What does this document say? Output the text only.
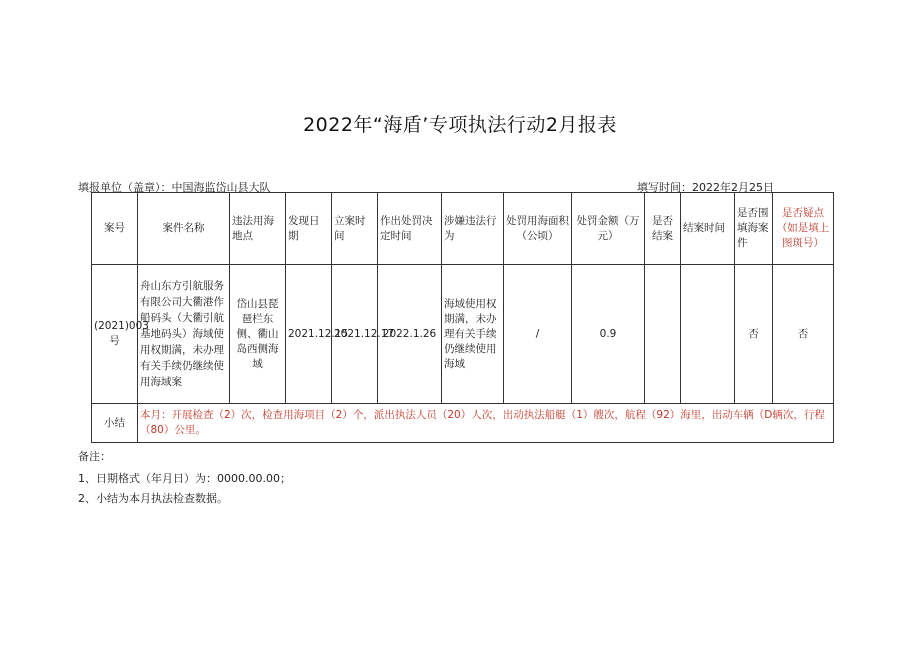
2022年“海盾’专项执法行动2月报表
填报单位（盖章）：中国海监岱山县大队	填写时间：2022年2月25日
案号	案件名称	违法用海地点	发现日期	立案时间	作出处罚决定时间	涉嫌违法行为	处罚用海面积（公顷）	处罚金额（万元）	是否结案	结案时间	是否围填海案件	是否疑点（如是填上图斑号）
(2021)003号	舟山东方引航服务有限公司大衢港作船码头（大衢引航基地码头）海域使用权期满，未办理有关手续仍继续使用海域案	岱山县琵琶栏东侧、衢山岛西侧海域	2021.12.15	2021.12.17	2022.1.26	海域使用权期满，未办理有关手续仍继续使用海域	/	0.9			否	否
小结	本月：开展检查（2）次，检查用海项目（2）个，派出执法人员（20）人次，出动执法船艇（1）艘次，航程（92）海里，出动车辆（D辆次，行程（80）公里。											
备注：
1、日期格式（年月日）为：0000.00.00；
2、小结为本月执法检查数据。
